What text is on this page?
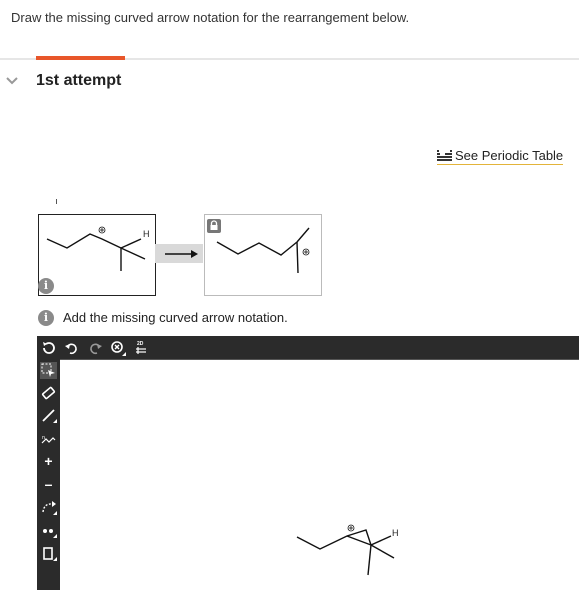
Draw the missing curved arrow notation for the rearrangement below.
1st attempt
See Periodic Table
H
i
i	Add the missing curved arrow notation.
2D
n
+
–
H
